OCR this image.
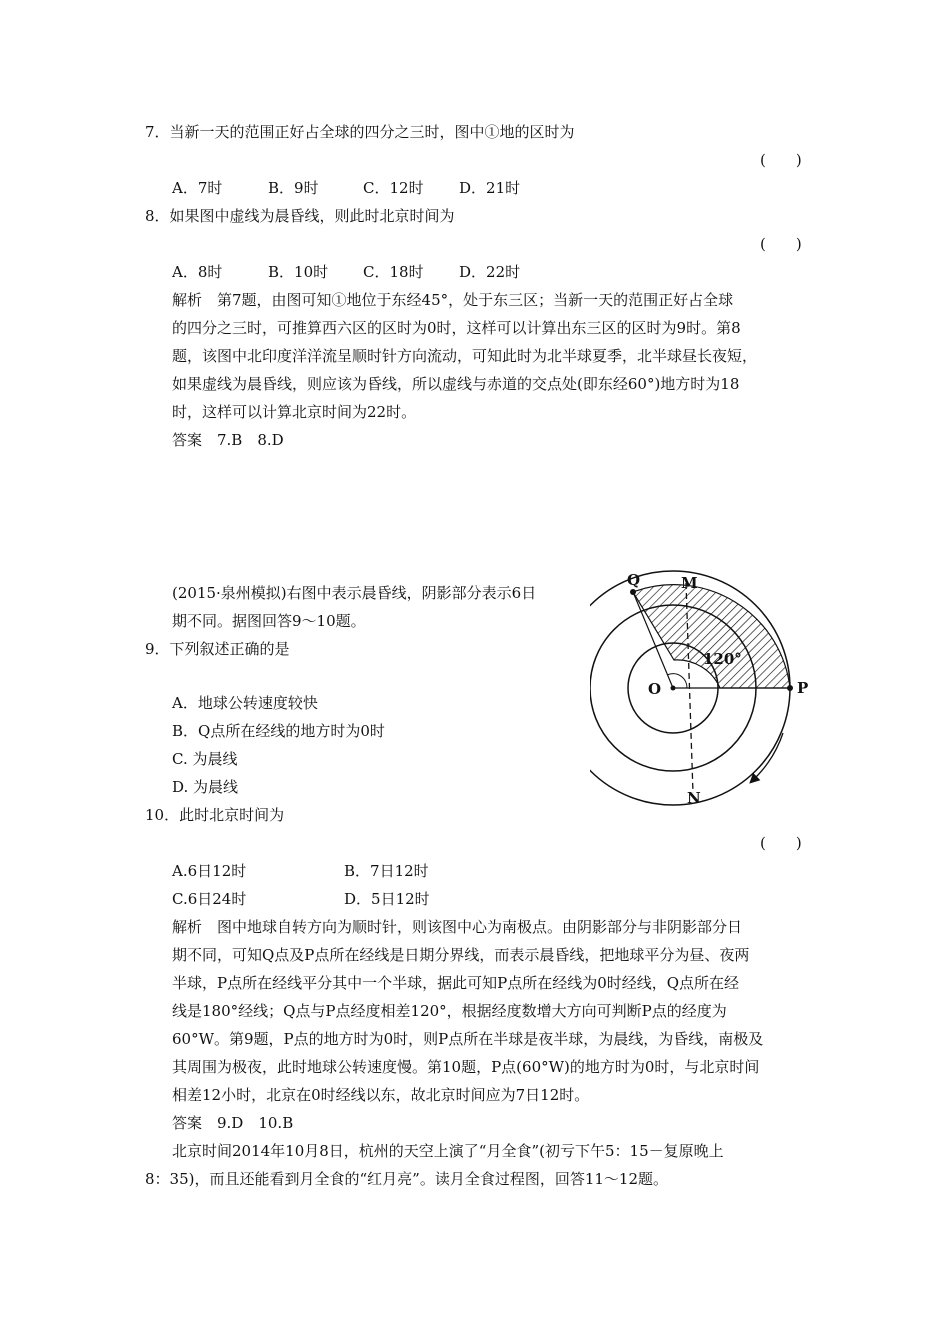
7．当新一天的范围正好占全球的四分之三时，图中①地的区时为
(　　)
A．7时	B．9时	C．12时 D．21时
8．如果图中虚线为晨昏线，则此时北京时间为
(　　)
A．8时	B．10时 C．18时 D．22时
解析　第7题，由图可知①地位于东经45°，处于东三区；当新一天的范围正好占全球
的四分之三时，可推算西六区的区时为0时，这样可以计算出东三区的区时为9时。第8
题，该图中北印度洋洋流呈顺时针方向流动，可知此时为北半球夏季，北半球昼长夜短，
如果虚线为晨昏线，则应该为昏线，所以虚线与赤道的交点处(即东经60°)地方时为18
时，这样可以计算北京时间为22时。
答案　7.B　8.D
(2015·泉州模拟)右图中表示晨昏线，阴影部分表示6日
期不同。据图回答9～10题。
9．下列叙述正确的是
A．地球公转速度较快
B．Q点所在经线的地方时为0时
C. 为晨线
D. 为晨线
10．此时北京时间为
(　　)
A.6日12时	B．7日12时
C.6日24时	D．5日12时
解析　图中地球自转方向为顺时针，则该图中心为南极点。由阴影部分与非阴影部分日
期不同，可知Q点及P点所在经线是日期分界线，而表示晨昏线，把地球平分为昼、夜两
半球，P点所在经线平分其中一个半球，据此可知P点所在经线为0时经线，Q点所在经
线是180°经线；Q点与P点经度相差120°，根据经度数增大方向可判断P点的经度为
60°W。第9题，P点的地方时为0时，则P点所在半球是夜半球，为晨线，为昏线，南极及
其周围为极夜，此时地球公转速度慢。第10题，P点(60°W)的地方时为0时，与北京时间
相差12小时，北京在0时经线以东，故北京时间应为7日12时。
答案　9.D　10.B
北京时间2014年10月8日，杭州的天空上演了“月全食”(初亏下午5：15－复原晚上
8：35)，而且还能看到月全食的“红月亮”。读月全食过程图，回答11～12题。
Q	M
120°
O	P
N
